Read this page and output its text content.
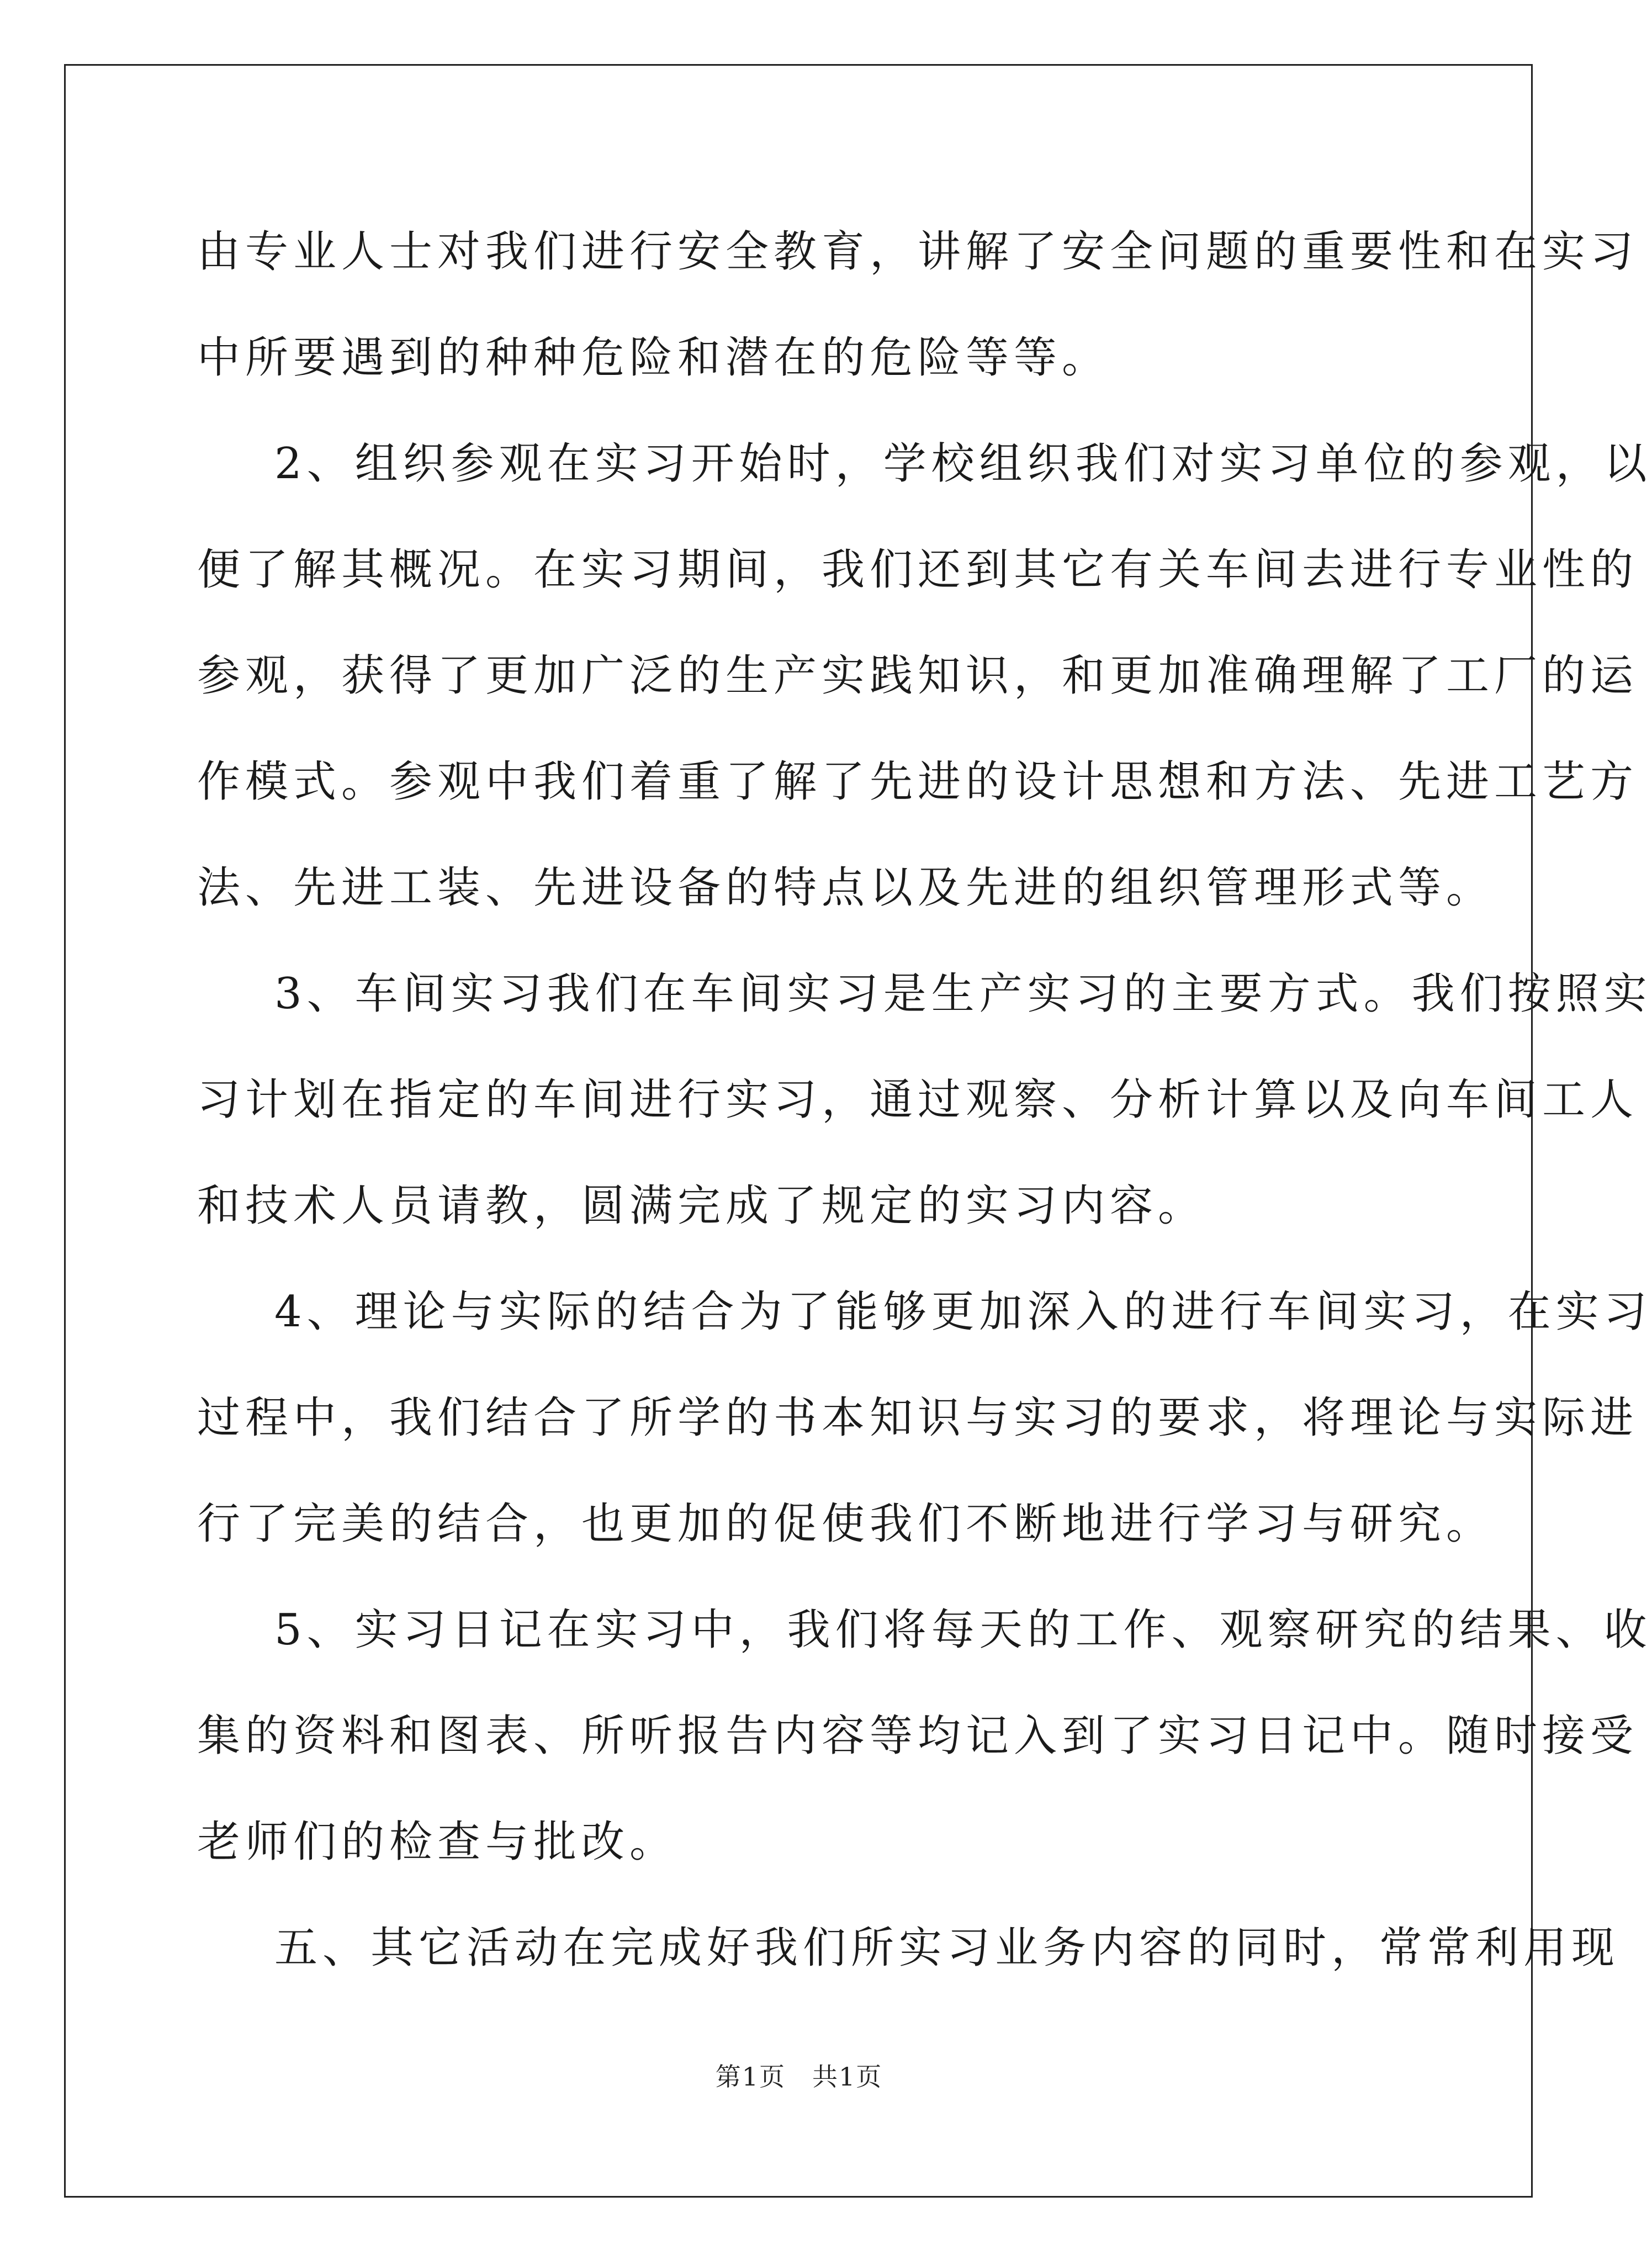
由专业人士对我们进行安全教育，讲解了安全问题的重要性和在实习
中所要遇到的种种危险和潜在的危险等等。
2、组织参观在实习开始时，学校组织我们对实习单位的参观，以
便了解其概况。在实习期间，我们还到其它有关车间去进行专业性的
参观，获得了更加广泛的生产实践知识，和更加准确理解了工厂的运
作模式。参观中我们着重了解了先进的设计思想和方法、先进工艺方
法、先进工装、先进设备的特点以及先进的组织管理形式等。
3、车间实习我们在车间实习是生产实习的主要方式。我们按照实
习计划在指定的车间进行实习，通过观察、分析计算以及向车间工人
和技术人员请教，圆满完成了规定的实习内容。
4、理论与实际的结合为了能够更加深入的进行车间实习，在实习
过程中，我们结合了所学的书本知识与实习的要求，将理论与实际进
行了完美的结合，也更加的促使我们不断地进行学习与研究。
5、实习日记在实习中，我们将每天的工作、观察研究的结果、收
集的资料和图表、所听报告内容等均记入到了实习日记中。随时接受
老师们的检查与批改。
五、其它活动在完成好我们所实习业务内容的同时，常常利用现
第1页　共1页
